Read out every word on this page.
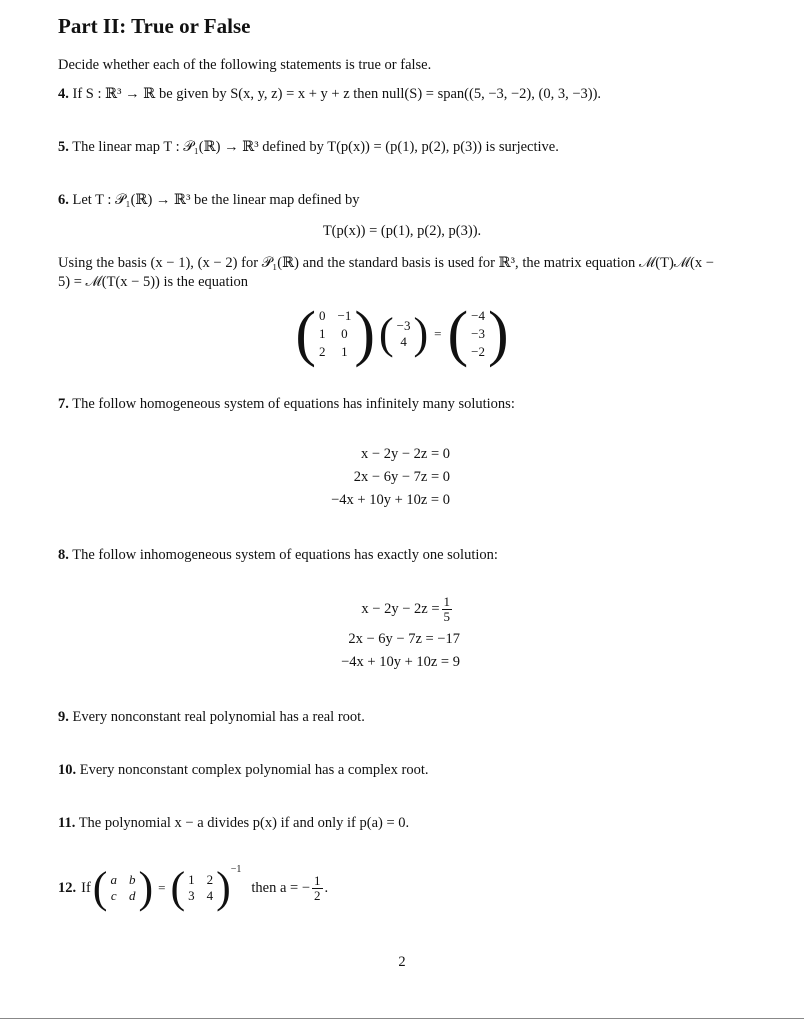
Part II: True or False
Decide whether each of the following statements is true or false.
4. If S : ℝ³ → ℝ be given by S(x, y, z) = x + y + z then null(S) = span((5, −3, −2), (0, 3, −3)).
5. The linear map T : 𝒫₁(ℝ) → ℝ³ defined by T(p(x)) = (p(1), p(2), p(3)) is surjective.
6. Let T : 𝒫₁(ℝ) → ℝ³ be the linear map defined by
T(p(x)) = (p(1), p(2), p(3)).
Using the basis (x − 1), (x − 2) for 𝒫₁(ℝ) and the standard basis is used for ℝ³, the matrix equation ℳ(T)ℳ(x − 5) = ℳ(T(x − 5)) is the equation
( 0 −1
1 0
2 1 ) ( −3
4 ) = ( −4
−3
−2 )
7. The follow homogeneous system of equations has infinitely many solutions:
x − 2y − 2z = 0
2x − 6y − 7z = 0
−4x + 10y + 10z = 0
8. The follow inhomogeneous system of equations has exactly one solution:
$x - 2y - 2z = \frac{1}{5}$
2x − 6y − 7z = −17
−4x + 10y + 10z = 9
9. Every nonconstant real polynomial has a real root.
10. Every nonconstant complex polynomial has a complex root.
11. The polynomial x − a divides p(x) if and only if p(a) = 0.
12. If ( a b
c d ) = ( 1 2
3 4 ) −1
then a = − $\frac{1}{2}$ .
2
